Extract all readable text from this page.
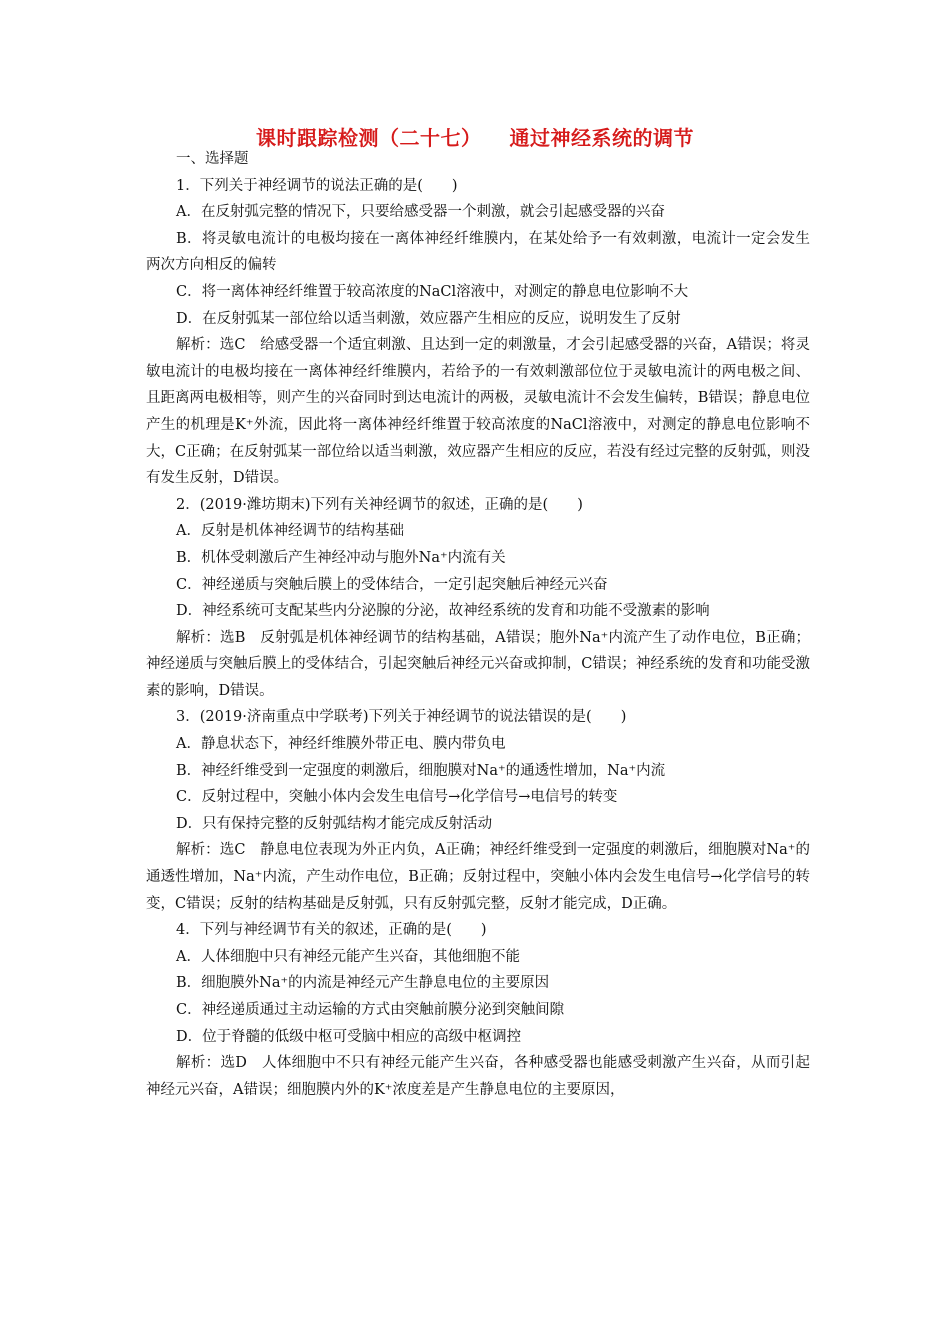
课时跟踪检测（二十七） 通过神经系统的调节

一、选择题

1．下列关于神经调节的说法正确的是(　　)

A．在反射弧完整的情况下，只要给感受器一个刺激，就会引起感受器的兴奋

B．将灵敏电流计的电极均接在一离体神经纤维膜内，在某处给予一有效刺激，电流计一定会发生两次方向相反的偏转

C．将一离体神经纤维置于较高浓度的NaCl溶液中，对测定的静息电位影响不大

D．在反射弧某一部位给以适当刺激，效应器产生相应的反应，说明发生了反射

解析：选C　给感受器一个适宜刺激、且达到一定的刺激量，才会引起感受器的兴奋，A错误；将灵敏电流计的电极均接在一离体神经纤维膜内，若给予的一有效刺激部位位于灵敏电流计的两电极之间、且距离两电极相等，则产生的兴奋同时到达电流计的两极，灵敏电流计不会发生偏转，B错误；静息电位产生的机理是K⁺外流，因此将一离体神经纤维置于较高浓度的NaCl溶液中，对测定的静息电位影响不大，C正确；在反射弧某一部位给以适当刺激，效应器产生相应的反应，若没有经过完整的反射弧，则没有发生反射，D错误。

2．(2019·潍坊期末)下列有关神经调节的叙述，正确的是(　　)

A．反射是机体神经调节的结构基础

B．机体受刺激后产生神经冲动与胞外Na⁺内流有关

C．神经递质与突触后膜上的受体结合，一定引起突触后神经元兴奋

D．神经系统可支配某些内分泌腺的分泌，故神经系统的发育和功能不受激素的影响

解析：选B　反射弧是机体神经调节的结构基础，A错误；胞外Na⁺内流产生了动作电位，B正确；神经递质与突触后膜上的受体结合，引起突触后神经元兴奋或抑制，C错误；神经系统的发育和功能受激素的影响，D错误。

3．(2019·济南重点中学联考)下列关于神经调节的说法错误的是(　　)

A．静息状态下，神经纤维膜外带正电、膜内带负电

B．神经纤维受到一定强度的刺激后，细胞膜对Na⁺的通透性增加，Na⁺内流

C．反射过程中，突触小体内会发生电信号→化学信号→电信号的转变

D．只有保持完整的反射弧结构才能完成反射活动

解析：选C　静息电位表现为外正内负，A正确；神经纤维受到一定强度的刺激后，细胞膜对Na⁺的通透性增加，Na⁺内流，产生动作电位，B正确；反射过程中，突触小体内会发生电信号→化学信号的转变，C错误；反射的结构基础是反射弧，只有反射弧完整，反射才能完成，D正确。

4．下列与神经调节有关的叙述，正确的是(　　)

A．人体细胞中只有神经元能产生兴奋，其他细胞不能

B．细胞膜外Na⁺的内流是神经元产生静息电位的主要原因

C．神经递质通过主动运输的方式由突触前膜分泌到突触间隙

D．位于脊髓的低级中枢可受脑中相应的高级中枢调控

解析：选D　人体细胞中不只有神经元能产生兴奋，各种感受器也能感受刺激产生兴奋，从而引起神经元兴奋，A错误；细胞膜内外的K⁺浓度差是产生静息电位的主要原因，
